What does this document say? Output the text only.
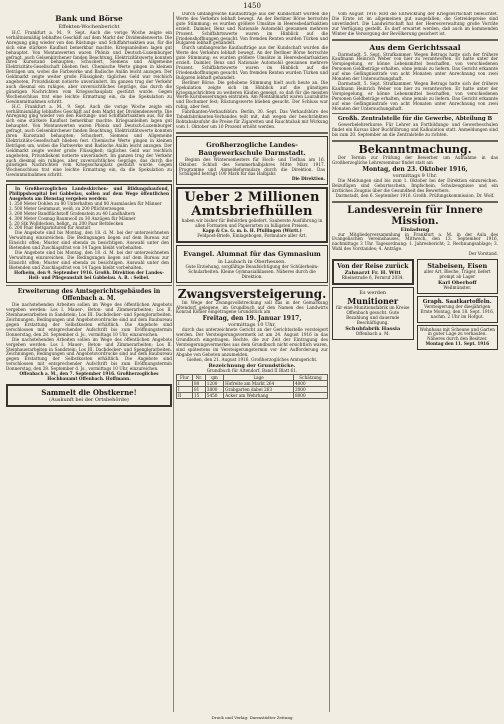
1450
Bank und Börse
Effekten-Wochenbericht

H.C. Frankfurt a. M., 9. Sept. Auch die vorige Woche zeigte ein verhältnismäßig lebhaftes Geschäft auf dem Markt der Dividendenwerte. Die Anregung ging wieder von den Rüstungs- und Schiffahrtsaktien aus, für die sich eine stärkere Kauflust bemerkbar machte. Kriegsanleihen lagen gut behauptet. Von Montanwerten waren Phönix und Deutsch-Luxemburger gefragt, auch Gelsenkirchener fanden Beachtung. Elektrizitätswerte konnten ihren Kursstand behaupten; Schuckert, Siemens und Allgemeine Elektrizitäts-Gesellschaft blieben fest. Chemische Werte gingen in kleinen Beträgen um, wobei die Farbwerke und Badische Anilin leicht anzogen. Der Geldmarkt zeigte weiter große Flüssigkeit; tägliches Geld war reichlich angeboten, Privatdiskont notierte unverändert. Im ganzen trug der Verkehr auch diesmal ein ruhiges, aber zuversichtliches Gepräge, das durch die günstigen Nachrichten vom Kriegsschauplatz gestützt wurde. Gegen Wochenschluss trat eine leichte Ermattung ein, da die Spekulation zu Gewinnmitnahmen schritt.

H.C. Frankfurt a. M., 9. Sept. Auch die vorige Woche zeigte ein verhältnismäßig lebhaftes Geschäft auf dem Markt der Dividendenwerte. Die Anregung ging wieder von den Rüstungs- und Schiffahrtsaktien aus, für die sich eine stärkere Kauflust bemerkbar machte. Kriegsanleihen lagen gut behauptet. Von Montanwerten waren Phönix und Deutsch-Luxemburger gefragt, auch Gelsenkirchener fanden Beachtung. Elektrizitätswerte konnten ihren Kursstand behaupten; Schuckert, Siemens und Allgemeine Elektrizitäts-Gesellschaft blieben fest. Chemische Werte gingen in kleinen Beträgen um, wobei die Farbwerke und Badische Anilin leicht anzogen. Der Geldmarkt zeigte weiter große Flüssigkeit; tägliches Geld war reichlich angeboten, Privatdiskont notierte unverändert. Im ganzen trug der Verkehr auch diesmal ein ruhiges, aber zuversichtliches Gepräge, das durch die günstigen Nachrichten vom Kriegsschauplatz gestützt wurde. Gegen Wochenschluss trat eine leichte Ermattung ein, da die Spekulation zu Gewinnmitnahmen schritt.

In Großherzoglichen Landeskirchen- und Bildungsbaufond, Philippshospital bei Gabbelau, sollen auf dem Wege öffentlichen Ausgebots am Dienstag vergeben werden:

1. 350 Meter Dohlen zu 80 Unterhalten und 80 Ausmäuslen für Männer

2. 500 Meter Geimmaut, weiß, zu 200 Pflichterzeugen

3. 200 Meter Bandflächstoff Grafenstein zu 40 Landhaltern

4. 300 Meter Cosmag Baumwoll zu 30 Anzügen für Männer

5. 20 Stk Wolldecken, hellgr., zu 200 Paar Bettdecken

6. 200 Paar Bettgarnituren für Anstalt

Die Angebote sind bis Montag, den 18. d. M. bei der unterzeichneten Verwaltung einzureichen. Die Bedingungen liegen auf dem Bureau zur Einsicht offen; Muster sind ebenda zu besichtigen. Auswahl unter den Bietenden und Zuschlagsfrist von 14 Tagen bleibt vorbehalten.

Die Angebote sind bis Montag, den 18. d. M. bei der unterzeichneten Verwaltung einzureichen. Die Bedingungen liegen auf dem Bureau zur Einsicht offen; Muster sind ebenda zu besichtigen. Auswahl unter den Bietenden und Zuschlagsfrist von 14 Tagen bleibt vorbehalten.

Hofheim, den 9. September 1916. Großh. Direktion der Landes-Heil- und Pflegeanstalt bei Gabbelau. A. R. : Seibel.

Erweiterung des Amtsgerichtsgebäudes in Offenbach a. M.

Die nachstehenden Arbeiten sollen im Wege des öffentlichen Angebots vergeben werden: Los I. Mauer-, Beton- und Zimmerarbeiten; Los II. Steinhauerarbeiten in Sandstein; Los III. Dachdecker- und Spenglerarbeiten. Zeichnungen, Bedingungen und Angebotsvordrucke sind auf dem Baubureau gegen Erstattung der Selbstkosten erhältlich. Die Angebote sind verschlossen mit entsprechender Aufschrift bis zum Eröffnungstermin Donnerstag, den 28. September d. Js., vormittags 10 Uhr, einzureichen.

Die nachstehenden Arbeiten sollen im Wege des öffentlichen Angebots vergeben werden: Los I. Mauer-, Beton- und Zimmerarbeiten; Los II. Steinhauerarbeiten in Sandstein; Los III. Dachdecker- und Spenglerarbeiten. Zeichnungen, Bedingungen und Angebotsvordrucke sind auf dem Baubureau gegen Erstattung der Selbstkosten erhältlich. Die Angebote sind verschlossen mit entsprechender Aufschrift bis zum Eröffnungstermin Donnerstag, den 28. September d. Js., vormittags 10 Uhr, einzureichen.

Offenbach a. M., den 7. September 1916. Großherzogliches Hochbauamt Offenbach. Hoffmann.

Sammelt die Obstkerne!
(Auskunft bei der Ortsbehörde)

Durch umfangreiche Kaufaufträge aus der Kundschaft wurden die Werte des Verkehrs lebhaft bewegt. An der Berliner Börse herrschte gute Stimmung; es wurden größere Umsätze in Heeresbedarfsaktien erzielt. Daimler, Benz und Nationale Automobil gewannen mehrere Prozent. Schiffahrtswerte waren im Hinblick auf die Friedenshoffnungen gesucht. Von fremden Renten wurden Türken und Bulgaren lebhaft gehandelt.

Durch umfangreiche Kaufaufträge aus der Kundschaft wurden die Werte des Verkehrs lebhaft bewegt. An der Berliner Börse herrschte gute Stimmung; es wurden größere Umsätze in Heeresbedarfsaktien erzielt. Daimler, Benz und Nationale Automobil gewannen mehrere Prozent. Schiffahrtswerte waren im Hinblick auf die Friedenshoffnungen gesucht. Von fremden Renten wurden Türken und Bulgaren lebhaft gehandelt.

Berliner Börse. Die gehobene Stimmung hielt auch heute an. Die Spekulation zeigte sich im Hinblick auf die günstigen Kriegsnachrichten zu weiteren Käufen geneigt, so daß für die meisten Werte Kursbesserungen eintraten. Am Montanmarkt waren Laurahütte und Bochumer fest; Rüstungswerte blieben gesucht. Der Schluss war ruhig, aber fest.

Fabrikanten-Verkaufsbüro. Berlin, 30. Sept. Das Verkaufsbüro des Tabakfabrikanten-Verbandes teilt mit, daß wegen der beschränkten Rohtabakzufuhr die Preise für Zigaretten und Rauchtabak mit Wirkung vom 1. Oktober um 10 Prozent erhöht werden.

Großherzogliche Landes-Baugewerkschule Darmstadt.

Beginn des Wintersemesters für Hoch- und Tiefbau am 16. Oktober. Schluß des Sommerhalbjahres Mitte März 1917. Programme und Anmeldeformulare durch die Direktion. Das Schulgeld beträgt 100 Mark für das Halbjahr.

Die Direktion.

Ueber 2 Millionen Amtsbriefhüllen

haben wir bisher für Behörden geliefert. Sauberste Ausführung in allen Formaten und Papierarten zu billigsten Preisen.

Kapp & Co. G. m. b. H. Pfullingen (Württ.)

Feldpost-Briefe, Einlagebogen, Formulare aller Art.

Evangel. Alumnat für das Gymnasium
in Laubach in Oberhessen.

Gute Erziehung, sorgfältige Beaufsichtigung der Schülerheim-Schularbeiten. Kleine Gymnasialklassen. Näheres durch die Direktion.

Zwangsversteigerung.

Im Wege der Zwangsvollstreckung soll das in der Gemarkung Altendorf gelegene, im Grundbuch auf den Namen des Landwirts Konrad Köhler eingetragene Grundstück am

Freitag, den 19. Januar 1917,
vormittags 10 Uhr,

durch das unterzeichnete Gericht an der Gerichtsstelle versteigert werden. Der Versteigerungsvermerk ist am 24. August 1916 in das Grundbuch eingetragen. Rechte, die zur Zeit der Eintragung des Versteigerungsvermerkes aus dem Grundbuch nicht ersichtlich waren, sind spätestens im Versteigerungstermin vor der Aufforderung zur Abgabe von Geboten anzumelden.

Gießen, den 21. August 1916. Großherzogliches Amtsgericht.

Bezeichnung der Grundstücke.
Grundbuch für Altendorf, Band II Blatt 61.
Flur	Nr.	qm	Lage	Schätzung
I	80	1200	Hofreite am Markt 264	4000
I	81	3800	Grabgarten dabei 263	2000
II	15	5450	Acker am Wehrhang	8000

vom August 1916 wird die Entwicklung der Kriegswirtschaft beleuchtet. Die Ernte ist im allgemeinen gut ausgefallen; die Getreidepreise sind unverändert. Die Landwirtschaft hat der Heeresverwaltung große Vorräte zur Verfügung gestellt. Es darf erwartet werden, daß auch im kommenden Winter die Versorgung der Bevölkerung gesichert ist.

Aus dem Gerichtssaal

Darmstadt, 5. Sept. Strafkammer. Wegen Betrugs hatte sich der frühere Kaufmann Heinrich Weber von hier zu verantworten. Er hatte unter der Vorspiegelung, er könne Lebensmittel beschaffen, von verschiedenen Personen Geldbeträge erhalten, ohne jemals zu liefern. Das Gericht erkannte auf eine Gefängnisstrafe von acht Monaten unter Anrechnung von zwei Monaten der Untersuchungshaft.

Darmstadt, 5. Sept. Strafkammer. Wegen Betrugs hatte sich der frühere Kaufmann Heinrich Weber von hier zu verantworten. Er hatte unter der Vorspiegelung, er könne Lebensmittel beschaffen, von verschiedenen Personen Geldbeträge erhalten, ohne jemals zu liefern. Das Gericht erkannte auf eine Gefängnisstrafe von acht Monaten unter Anrechnung von zwei Monaten der Untersuchungshaft.

Großh. Zentralstelle für die Gewerbe, Abteilung B

Gewerbelehrerkurse. Für Lehrer an Fortbildungs- und Gewerbeschulen findet ein Kursus über Buchführung und Kalkulation statt. Anmeldungen sind bis zum 20. September an die Zentralstelle zu richten.

Bekanntmachung.

Der Termin zur Prüfung der Bewerber um Aufnahme in das Großherzogliche Lehrerseminar findet statt am

Montag, den 23. Oktober 1916,
vormittags 9 Uhr.

Die Meldungen sind bis zum 1. Oktober bei der Direktion einzureichen. Beizufügen sind Geburtsschein, Impfschein, Schulzeugnisse und ein ärztliches Zeugnis über die Gesundheit des Bewerbers.

Darmstadt, den 6. September 1916. Großh. Prüfungskommission. Dr. Wolf.

Landesverein für Innere Mission.
Einladung

zur Mitgliederversammlung in Frankfurt a. M. in der Aula des Evangelischen Vereinshauses, Mittwoch, den 13. September 1916, nachmittags 3 Uhr. Tagesordnung: 1. Jahresbericht; 2. Rechnungsablage; 3. Wahl des Vorstandes; 4. Anträge.

Der Vorstand.

Von der Reise zurück
Zahnarzt Fr. H. Witt
Rheinstraße 6, Fernruf 2034.
Es werden
Munitioner

für eine Munitionsfabrik im Kreise Offenbach gesucht. Gute Bezahlung und dauernde Beschäftigung.

Schuhfabrik Hassia
Offenbach a. M.
Stabeisen, Eisen

aller Art, Bleche, Träger, liefert prompt ab Lager

Karl Oberhoff
Weilmünster.
Graph. Saatkartoffeln.

Versteigerung der diesjährigen Ernte Montag, den 18. Sept. 1916, nachm. 2 Uhr im Hofgut.

Wohnhaus mit Scheune und Garten in guter Lage zu verkaufen. Näheres durch den Besitzer.

Montag den 11. Sept. 1916
Druck und Verlag: Darmstädter Zeitung
